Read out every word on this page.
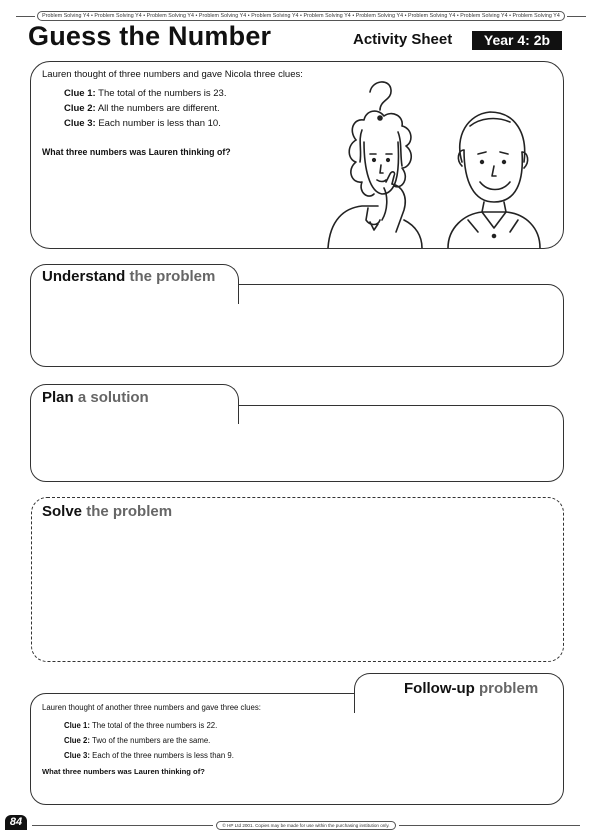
Problem Solving Y4 • Problem Solving Y4 • Problem Solving Y4 • Problem Solving Y4 • Problem Solving Y4 • Problem Solving Y4 • Problem Solving Y4 • Problem Solving Y4 • Problem Solving Y4 • Problem Solving Y4
Guess the Number	Activity Sheet	Year 4: 2b
Lauren thought of three numbers and gave Nicola three clues:
Clue 1: The total of the numbers is 23.
Clue 2: All the numbers are different.
Clue 3: Each number is less than 10.
What three numbers was Lauren thinking of?
Understand the problem
Plan a solution
Solve the problem
Follow-up problem
Lauren thought of another three numbers and gave three clues:
Clue 1: The total of the three numbers is 22.
Clue 2: Two of the numbers are the same.
Clue 3: Each of the three numbers is less than 9.
What three numbers was Lauren thinking of?
84	© HP Ltd 2001. Copies may be made for use within the purchasing institution only.
